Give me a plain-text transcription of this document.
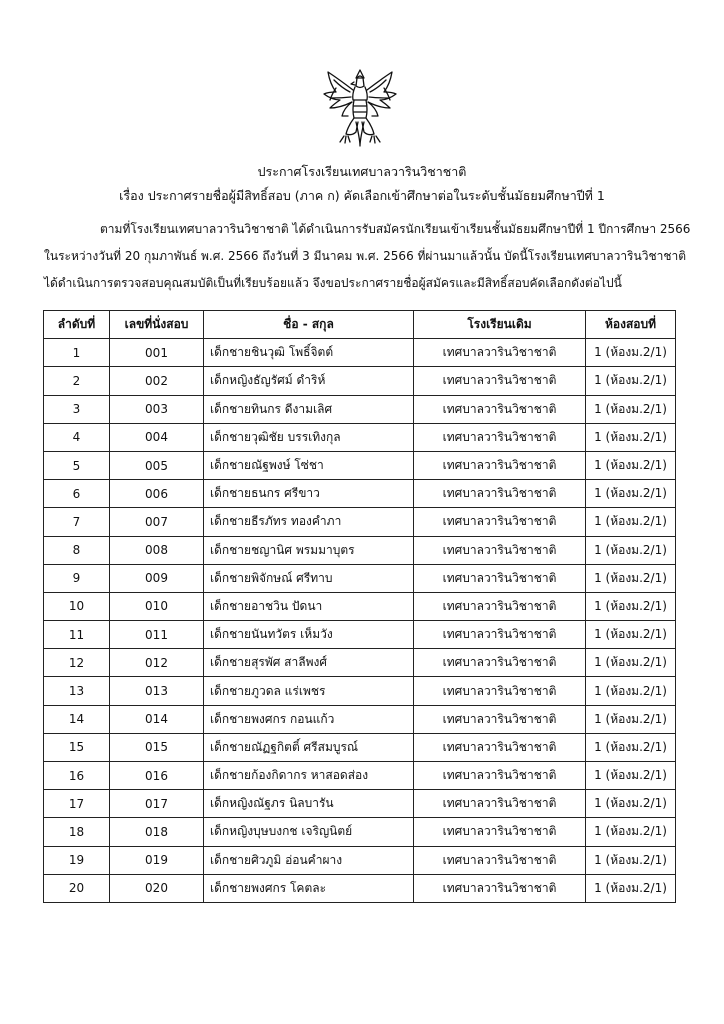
ประกาศโรงเรียนเทศบาลวารินวิชาชาติ
เรื่อง ประกาศรายชื่อผู้มีสิทธิ์สอบ (ภาค ก) คัดเลือกเข้าศึกษาต่อในระดับชั้นมัธยมศึกษาปีที่ 1
ตามที่โรงเรียนเทศบาลวารินวิชาชาติ ได้ดำเนินการรับสมัครนักเรียนเข้าเรียนชั้นมัธยมศึกษาปีที่ 1 ปีการศึกษา 2566
ในระหว่างวันที่ 20 กุมภาพันธ์ พ.ศ. 2566 ถึงวันที่ 3 มีนาคม พ.ศ. 2566 ที่ผ่านมาแล้วนั้น บัดนี้โรงเรียนเทศบาลวารินวิชาชาติ
ได้ดำเนินการตรวจสอบคุณสมบัติเป็นที่เรียบร้อยแล้ว จึงขอประกาศรายชื่อผู้สมัครและมีสิทธิ์สอบคัดเลือกดังต่อไปนี้
ลำดับที่	เลขที่นั่งสอบ	ชื่อ - สกุล	โรงเรียนเดิม	ห้องสอบที่
1	001	เด็กชายชินวุฒิ โพธิ์จิตต์	เทศบาลวารินวิชาชาติ	1 (ห้องม.2/1)
2	002	เด็กหญิงธัญรัศม์ ดำริห์	เทศบาลวารินวิชาชาติ	1 (ห้องม.2/1)
3	003	เด็กชายทินกร ดีงามเลิศ	เทศบาลวารินวิชาชาติ	1 (ห้องม.2/1)
4	004	เด็กชายวุฒิชัย บรรเทิงกุล	เทศบาลวารินวิชาชาติ	1 (ห้องม.2/1)
5	005	เด็กชายณัฐพงษ์ โซ่ชา	เทศบาลวารินวิชาชาติ	1 (ห้องม.2/1)
6	006	เด็กชายธนกร ศรีขาว	เทศบาลวารินวิชาชาติ	1 (ห้องม.2/1)
7	007	เด็กชายธีรภัทร ทองคำภา	เทศบาลวารินวิชาชาติ	1 (ห้องม.2/1)
8	008	เด็กชายชญานิศ พรมมาบุตร	เทศบาลวารินวิชาชาติ	1 (ห้องม.2/1)
9	009	เด็กชายพิจักษณ์ ศรีทาบ	เทศบาลวารินวิชาชาติ	1 (ห้องม.2/1)
10	010	เด็กชายอาชวิน ปัดนา	เทศบาลวารินวิชาชาติ	1 (ห้องม.2/1)
11	011	เด็กชายนันทวัตร เห็มวัง	เทศบาลวารินวิชาชาติ	1 (ห้องม.2/1)
12	012	เด็กชายสุรพัศ สาลีพงศ์	เทศบาลวารินวิชาชาติ	1 (ห้องม.2/1)
13	013	เด็กชายภูวดล แร่เพชร	เทศบาลวารินวิชาชาติ	1 (ห้องม.2/1)
14	014	เด็กชายพงศกร กอนแก้ว	เทศบาลวารินวิชาชาติ	1 (ห้องม.2/1)
15	015	เด็กชายณัฏฐกิตติ์ ศรีสมบูรณ์	เทศบาลวารินวิชาชาติ	1 (ห้องม.2/1)
16	016	เด็กชายก้องกิดากร หาสอดส่อง	เทศบาลวารินวิชาชาติ	1 (ห้องม.2/1)
17	017	เด็กหญิงณัฐภร นิลบารัน	เทศบาลวารินวิชาชาติ	1 (ห้องม.2/1)
18	018	เด็กหญิงบุษบงกช เจริญนิตย์	เทศบาลวารินวิชาชาติ	1 (ห้องม.2/1)
19	019	เด็กชายศิวภูมิ อ่อนคำผาง	เทศบาลวารินวิชาชาติ	1 (ห้องม.2/1)
20	020	เด็กชายพงศกร โคตละ	เทศบาลวารินวิชาชาติ	1 (ห้องม.2/1)
